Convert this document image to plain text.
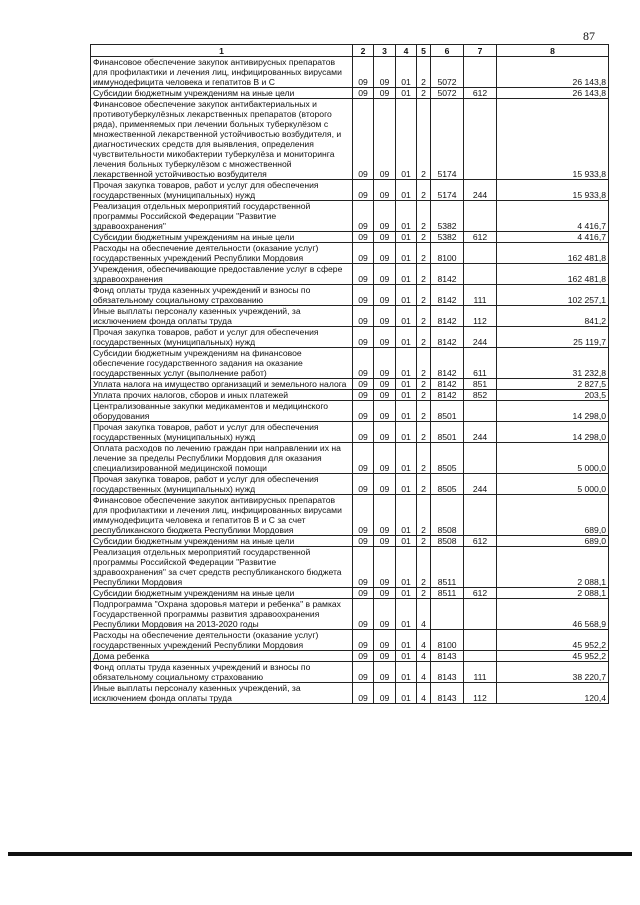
87
1	2	3	4	5	6	7	8
Финансовое обеспечение закупок антивирусных препаратов для профилактики и лечения лиц, инфицированных вирусами иммунодефицита человека и гепатитов В и С	09	09	01	2	5072		26 143,8
Субсидии бюджетным учреждениям на иные цели	09	09	01	2	5072	612	26 143,8
Финансовое обеспечение закупок антибактериальных и противотуберкулёзных лекарственных препаратов (второго ряда), применяемых при лечении больных туберкулёзом с множественной лекарственной устойчивостью возбудителя, и диагностических средств для выявления, определения чувствительности микобактерии туберкулёза и мониторинга лечения больных туберкулёзом с множественной лекарственной устойчивостью возбудителя	09	09	01	2	5174		15 933,8
Прочая закупка товаров, работ и услуг для обеспечения государственных (муниципальных) нужд	09	09	01	2	5174	244	15 933,8
Реализация отдельных мероприятий государственной программы Российской Федерации "Развитие здравоохранения"	09	09	01	2	5382		4 416,7
Субсидии бюджетным учреждениям на иные цели	09	09	01	2	5382	612	4 416,7
Расходы на обеспечение деятельности (оказание услуг) государственных учреждений Республики Мордовия	09	09	01	2	8100		162 481,8
Учреждения, обеспечивающие предоставление услуг в сфере здравоохранения	09	09	01	2	8142		162 481,8
Фонд оплаты труда казенных учреждений и взносы по обязательному социальному страхованию	09	09	01	2	8142	111	102 257,1
Иные выплаты персоналу казенных учреждений, за исключением фонда оплаты труда	09	09	01	2	8142	112	841,2
Прочая закупка товаров, работ и услуг для обеспечения государственных (муниципальных) нужд	09	09	01	2	8142	244	25 119,7
Субсидии бюджетным учреждениям на финансовое обеспечение государственного задания на оказание государственных услуг (выполнение работ)	09	09	01	2	8142	611	31 232,8
Уплата налога на имущество организаций и земельного налога	09	09	01	2	8142	851	2 827,5
Уплата прочих налогов, сборов и иных платежей	09	09	01	2	8142	852	203,5
Централизованные закупки медикаментов и медицинского оборудования	09	09	01	2	8501		14 298,0
Прочая закупка товаров, работ и услуг для обеспечения государственных (муниципальных) нужд	09	09	01	2	8501	244	14 298,0
Оплата расходов по лечению граждан при направлении их на лечение за пределы Республики Мордовия для оказания специализированной медицинской помощи	09	09	01	2	8505		5 000,0
Прочая закупка товаров, работ и услуг для обеспечения государственных (муниципальных) нужд	09	09	01	2	8505	244	5 000,0
Финансовое обеспечение закупок антивирусных препаратов для профилактики и лечения лиц, инфицированных вирусами иммунодефицита человека и гепатитов В и С за счет республиканского бюджета Республики Мордовия	09	09	01	2	8508		689,0
Субсидии бюджетным учреждениям на иные цели	09	09	01	2	8508	612	689,0
Реализация отдельных мероприятий государственной программы Российской Федерации "Развитие здравоохранения" за счет средств республиканского бюджета Республики Мордовия	09	09	01	2	8511		2 088,1
Субсидии бюджетным учреждениям на иные цели	09	09	01	2	8511	612	2 088,1
Подпрограмма "Охрана здоровья матери и ребенка" в рамках Государственной программы развития здравоохранения Республики Мордовия на 2013-2020 годы	09	09	01	4			46 568,9
Расходы на обеспечение деятельности (оказание услуг) государственных учреждений Республики Мордовия	09	09	01	4	8100		45 952,2
Дома ребенка	09	09	01	4	8143		45 952,2
Фонд оплаты труда казенных учреждений и взносы по обязательному социальному страхованию	09	09	01	4	8143	111	38 220,7
Иные выплаты персоналу казенных учреждений, за исключением фонда оплаты труда	09	09	01	4	8143	112	120,4
...
